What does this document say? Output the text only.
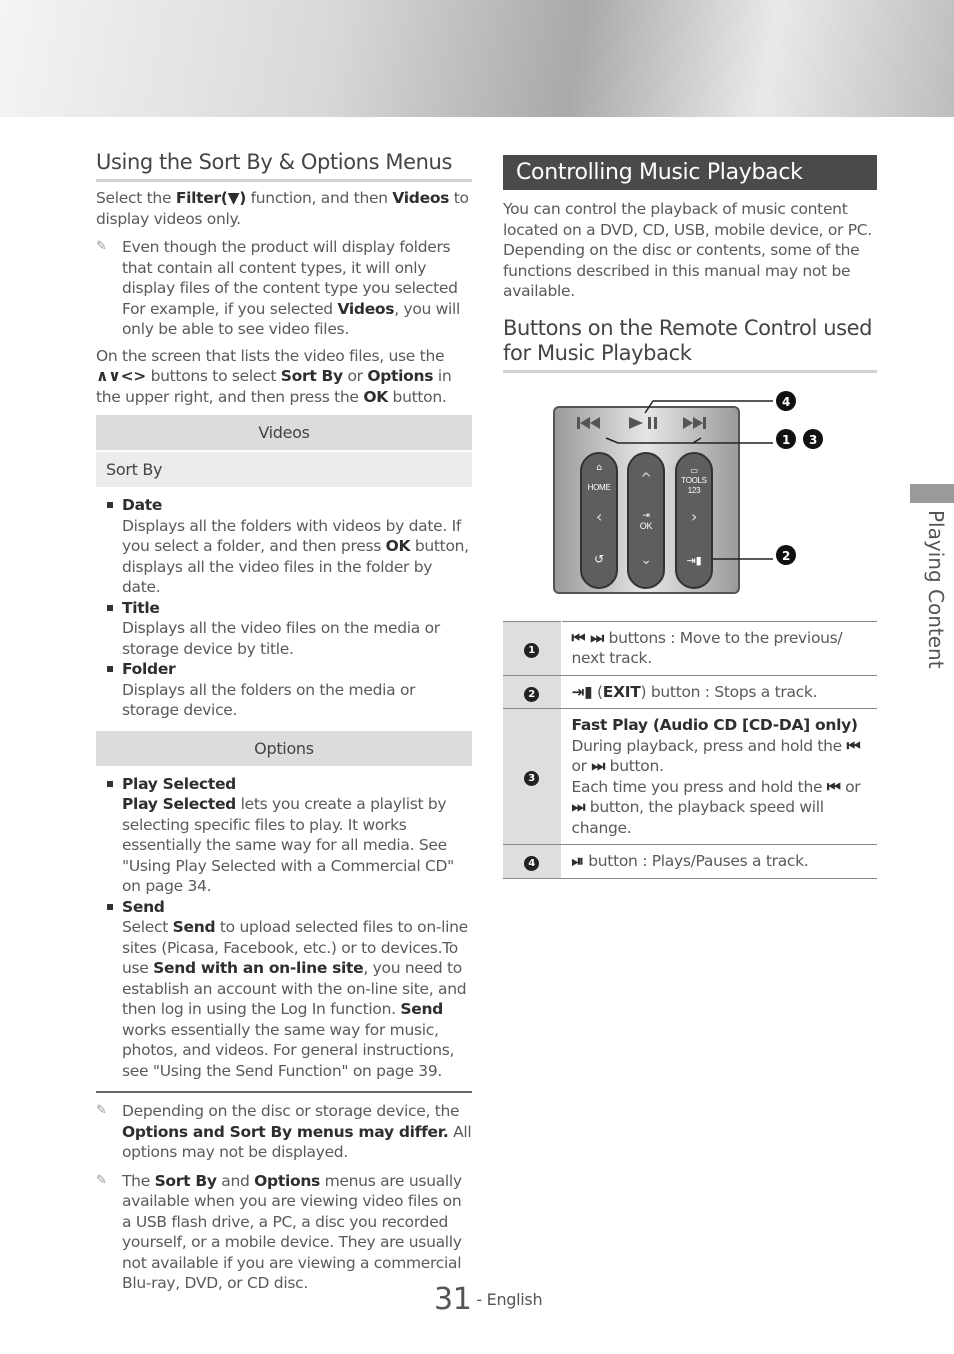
Using the Sort By & Options Menus

Select the Filter(▼) function, and then Videos to display videos only.

✎ Even though the product will display folders that contain all content types, it will only display files of the content type you selected For example, if you selected Videos, you will only be able to see video files.

On the screen that lists the video files, use the ∧∨<> buttons to select Sort By or Options in the upper right, and then press the OK button.

Videos
Sort By
Date
Displays all the folders with videos by date. If you select a folder, and then press OK button, displays all the video files in the folder by date.
Title
Displays all the video files on the media or storage device by title.
Folder
Displays all the folders on the media or storage device.
Options
Play Selected
Play Selected lets you create a playlist by selecting specific files to play. It works essentially the same way for all media. See "Using Play Selected with a Commercial CD" on page 34.
Send
Select Send to upload selected files to on-line sites (Picasa, Facebook, etc.) or to devices.To use Send with an on-line site, you need to establish an account with the on-line site, and then log in using the Log In function. Send works essentially the same way for music, photos, and videos. For general instructions, see "Using the Send Function" on page 39.
✎ Depending on the disc or storage device, the Options and Sort By menus may differ. All options may not be displayed.
✎ The Sort By and Options menus are usually available when you are viewing video files on a USB flash drive, a PC, a disc you recorded yourself, or a mobile device. They are usually not available if you are viewing a commercial Blu-ray, DVD, or CD disc.
Controlling Music Playback

You can control the playback of music content located on a DVD, CD, USB, mobile device, or PC. Depending on the disc or contents, some of the functions described in this manual may not be available.

Buttons on the Remote Control used for Music Playback
⌂
HOME
‹
↺
^
⇥
OK
⌄
▭
TOOLS
123
›
⇥▮
4
1 3
2
1	⏮ ⏭ buttons : Move to the previous/ next track.

2	⇥▮ (EXIT) button : Stops a track.

3	Fast Play (Audio CD [CD-DA] only)
During playback, press and hold the ⏮ or ⏭ button.
Each time you press and hold the ⏮ or ⏭ button, the playback speed will change.

4	⏯ button : Plays/Pauses a track.
Playing Content
31 - English
